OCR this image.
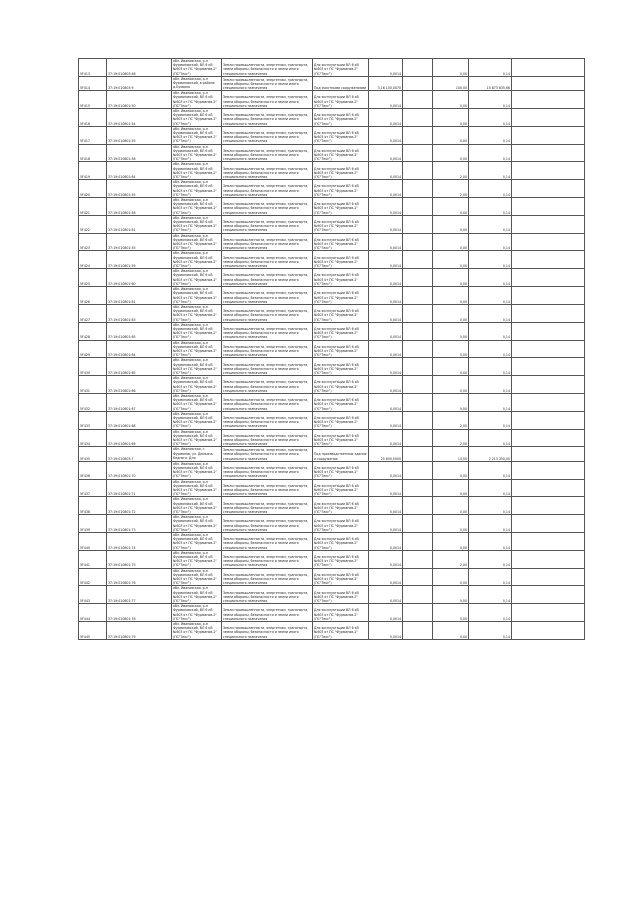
5F413	37:19:010803:48	обл. Ивановская, р-н Фурмановский, ВЛ 6 кВ №603 от ПС "Фурманов-2" (ПС"Текс")	Земли промышленности, энергетики, транспорта, земли обороны, безопасности и земли иного специального назначения	Для эксплуатации ВЛ 6 кВ №603 от ПС "Фурманов-2" (ПС"Текс")	0,0014		0,00	0,14	
5F414	37:19:010803:9	обл. Ивановская, р-н Фурмановский, в районе д.Бухвало	Земли промышленности, энергетики, транспорта, земли обороны, безопасности и земли иного специального назначения	Под очистными сооружениями	3,16 100,0070		100,00	15 873 835,66	
5F415	37:19:010801:50	обл. Ивановская, р-н Фурмановский, ВЛ 6 кВ №603 от ПС "Фурманов-2" (ПС"Текс")	Земли промышленности, энергетики, транспорта, земли обороны, безопасности и земли иного специального назначения	Для эксплуатации ВЛ 6 кВ №603 от ПС "Фурманов-2" (ПС"Текс")	0,0014		0,00	0,14	
5F416	37:19:010801:54	обл. Ивановская, р-н Фурмановский, ВЛ 6 кВ №603 от ПС "Фурманов-2" (ПС"Текс")	Земли промышленности, энергетики, транспорта, земли обороны, безопасности и земли иного специального назначения	Для эксплуатации ВЛ 6 кВ №603 от ПС "Фурманов-2" (ПС"Текс")	0,0014		0,00	0,14	
5F417	37:19:010801:55	обл. Ивановская, р-н Фурмановский, ВЛ 6 кВ №603 от ПС "Фурманов-2" (ПС"Текс")	Земли промышленности, энергетики, транспорта, земли обороны, безопасности и земли иного специального назначения	Для эксплуатации ВЛ 6 кВ №603 от ПС "Фурманов-2" (ПС"Текс")	0,0014		0,00	0,14	
5F418	37:19:010801:58	обл. Ивановская, р-н Фурмановский, ВЛ 6 кВ №603 от ПС "Фурманов-2" (ПС"Текс")	Земли промышленности, энергетики, транспорта, земли обороны, безопасности и земли иного специального назначения	Для эксплуатации ВЛ 6 кВ №603 от ПС "Фурманов-2" (ПС"Текс")	0,0014		0,00	0,14	
5F419	37:19:010801:64	обл. Ивановская, р-н Фурмановский, ВЛ 6 кВ №603 от ПС "Фурманов-2" (ПС"Текс")	Земли промышленности, энергетики, транспорта, земли обороны, безопасности и земли иного специального назначения	Для эксплуатации ВЛ 6 кВ №603 от ПС "Фурманов-2" (ПС"Текс")	0,0014		2,00	0,14	
5F420	37:19:010801:55	обл. Ивановская, р-н Фурмановский, ВЛ 6 кВ №603 от ПС "Фурманов-2" (ПС"Текс")	Земли промышленности, энергетики, транспорта, земли обороны, безопасности и земли иного специального назначения	Для эксплуатации ВЛ 6 кВ №603 от ПС "Фурманов-2" (ПС"Текс")	0,0014		2,00	0,14	
5F421	37:19:010801:58	обл. Ивановская, р-н Фурмановский, ВЛ 6 кВ №603 от ПС "Фурманов-2" (ПС"Текс")	Земли промышленности, энергетики, транспорта, земли обороны, безопасности и земли иного специального назначения	Для эксплуатации ВЛ 6 кВ №603 от ПС "Фурманов-2" (ПС"Текс")	0,0014		0,00	0,14	
5F422	37:19:010801:61	обл. Ивановская, р-н Фурмановский, ВЛ 6 кВ №603 от ПС "Фурманов-2" (ПС"Текс")	Земли промышленности, энергетики, транспорта, земли обороны, безопасности и земли иного специального назначения	Для эксплуатации ВЛ 6 кВ №603 от ПС "Фурманов-2" (ПС"Текс")	0,0014		0,00	0,14	
5F423	37:19:010801:55	обл. Ивановская, р-н Фурмановский, ВЛ 6 кВ №603 от ПС "Фурманов-2" (ПС"Текс")	Земли промышленности, энергетики, транспорта, земли обороны, безопасности и земли иного специального назначения	Для эксплуатации ВЛ 6 кВ №603 от ПС "Фурманов-2" (ПС"Текс")	0,0014		0,00	0,14	
5F424	37:19:010801:59	обл. Ивановская, р-н Фурмановский, ВЛ 6 кВ №603 от ПС "Фурманов-2" (ПС"Текс")	Земли промышленности, энергетики, транспорта, земли обороны, безопасности и земли иного специального назначения	Для эксплуатации ВЛ 6 кВ №603 от ПС "Фурманов-2" (ПС"Текс")	0,0014		0,00	0,14	
5F425	37:19:010801:60	обл. Ивановская, р-н Фурмановский, ВЛ 6 кВ №603 от ПС "Фурманов-2" (ПС"Текс")	Земли промышленности, энергетики, транспорта, земли обороны, безопасности и земли иного специального назначения	Для эксплуатации ВЛ 6 кВ №603 от ПС "Фурманов-2" (ПС"Текс")	0,0014		0,00	0,14	
5F426	37:19:010801:61	обл. Ивановская, р-н Фурмановский, ВЛ 6 кВ №603 от ПС "Фурманов-2" (ПС"Текс")	Земли промышленности, энергетики, транспорта, земли обороны, безопасности и земли иного специального назначения	Для эксплуатации ВЛ 6 кВ №603 от ПС "Фурманов-2" (ПС"Текс")	0,0014		0,00	0,14	
5F427	37:19:010801:63	обл. Ивановская, р-н Фурмановский, ВЛ 6 кВ №603 от ПС "Фурманов-2" (ПС"Текс")	Земли промышленности, энергетики, транспорта, земли обороны, безопасности и земли иного специального назначения	Для эксплуатации ВЛ 6 кВ №603 от ПС "Фурманов-2" (ПС"Текс")	0,0014		0,00	0,14	
5F428	37:19:010801:65	обл. Ивановская, р-н Фурмановский, ВЛ 6 кВ №603 от ПС "Фурманов-2" (ПС"Текс")	Земли промышленности, энергетики, транспорта, земли обороны, безопасности и земли иного специального назначения	Для эксплуатации ВЛ 6 кВ №603 от ПС "Фурманов-2" (ПС"Текс")	0,0014		0,00	0,14	
5F429	37:19:010801:64	обл. Ивановская, р-н Фурмановский, ВЛ 6 кВ №603 от ПС "Фурманов-2" (ПС"Текс")	Земли промышленности, энергетики, транспорта, земли обороны, безопасности и земли иного специального назначения	Для эксплуатации ВЛ 6 кВ №603 от ПС "Фурманов-2" (ПС"Текс")	0,0014		0,00	0,14	
5F430	37:19:010801:65	обл. Ивановская, р-н Фурмановский, ВЛ 6 кВ №603 от ПС "Фурманов-2" (ПС"Текс")	Земли промышленности, энергетики, транспорта, земли обороны, безопасности и земли иного специального назначения	Для эксплуатации ВЛ 6 кВ №603 от ПС "Фурманов-2" (ПС"Текс")	0,0014		0,00	0,14	
5F431	37:19:010801:66	обл. Ивановская, р-н Фурмановский, ВЛ 6 кВ №603 от ПС "Фурманов-2" (ПС"Текс")	Земли промышленности, энергетики, транспорта, земли обороны, безопасности и земли иного специального назначения	Для эксплуатации ВЛ 6 кВ №603 от ПС "Фурманов-2" (ПС"Текс")	0,0014		0,00	0,14	
5F432	37:19:010801:67	обл. Ивановская, р-н Фурмановский, ВЛ 6 кВ №603 от ПС "Фурманов-2" (ПС"Текс")	Земли промышленности, энергетики, транспорта, земли обороны, безопасности и земли иного специального назначения	Для эксплуатации ВЛ 6 кВ №603 от ПС "Фурманов-2" (ПС"Текс")	0,0014		0,00	0,14	
5F433	37:19:010801:68	обл. Ивановская, р-н Фурмановский, ВЛ 6 кВ №603 от ПС "Фурманов-2" (ПС"Текс")	Земли промышленности, энергетики, транспорта, земли обороны, безопасности и земли иного специального назначения	Для эксплуатации ВЛ 6 кВ №603 от ПС "Фурманов-2" (ПС"Текс")	0,0014		2,00	0,14	
5F434	37:19:010801:69	обл. Ивановская, р-н Фурмановский, ВЛ 6 кВ №603 от ПС "Фурманов-2" (ПС"Текс")	Земли промышленности, энергетики, транспорта, земли обороны, безопасности и земли иного специального назначения	Для эксплуатации ВЛ 6 кВ №603 от ПС "Фурманов-2" (ПС"Текс")	0,0014		2,00	0,14	
5F435	37:19:010803:7	обл. Ивановская, г. Фурманов, ул. Демьяна Бедного. Для	Земли промышленности, энергетики, транспорта, земли обороны, безопасности и земли иного специального назначения	Под производственные здания и сооружения	25 600,0000		14,00	2 213 350,00	
5F436	37:19:010801:70	обл. Ивановская, р-н Фурмановский, ВЛ 6 кВ №603 от ПС "Фурманов-2" (ПС"Текс")	Земли промышленности, энергетики, транспорта, земли обороны, безопасности и земли иного специального назначения	Для эксплуатации ВЛ 6 кВ №603 от ПС "Фурманов-2" (ПС"Текс")	0,0014		0,00	0,14	
5F437	37:19:010801:71	обл. Ивановская, р-н Фурмановский, ВЛ 6 кВ №603 от ПС "Фурманов-2" (ПС"Текс")	Земли промышленности, энергетики, транспорта, земли обороны, безопасности и земли иного специального назначения	Для эксплуатации ВЛ 6 кВ №603 от ПС "Фурманов-2" (ПС"Текс")	0,0014		0,00	0,14	
5F438	37:19:010801:72	обл. Ивановская, р-н Фурмановский, ВЛ 6 кВ №603 от ПС "Фурманов-2" (ПС"Текс")	Земли промышленности, энергетики, транспорта, земли обороны, безопасности и земли иного специального назначения	Для эксплуатации ВЛ 6 кВ №603 от ПС "Фурманов-2" (ПС"Текс")	0,0014		0,00	0,14	
5F439	37:19:010801:73	обл. Ивановская, р-н Фурмановский, ВЛ 6 кВ №603 от ПС "Фурманов-2" (ПС"Текс")	Земли промышленности, энергетики, транспорта, земли обороны, безопасности и земли иного специального назначения	Для эксплуатации ВЛ 6 кВ №603 от ПС "Фурманов-2" (ПС"Текс")	0,0014		0,00	0,14	
5F440	37:19:010801:74	обл. Ивановская, р-н Фурмановский, ВЛ 6 кВ №603 от ПС "Фурманов-2" (ПС"Текс")	Земли промышленности, энергетики, транспорта, земли обороны, безопасности и земли иного специального назначения	Для эксплуатации ВЛ 6 кВ №603 от ПС "Фурманов-2" (ПС"Текс")	0,0014		0,00	0,14	
5F441	37:19:010801:75	обл. Ивановская, р-н Фурмановский, ВЛ 6 кВ №603 от ПС "Фурманов-2" (ПС"Текс")	Земли промышленности, энергетики, транспорта, земли обороны, безопасности и земли иного специального назначения	Для эксплуатации ВЛ 6 кВ №603 от ПС "Фурманов-2" (ПС"Текс")	0,0014		2,00	0,14	
5F442	37:19:010801:76	обл. Ивановская, р-н Фурмановский, ВЛ 6 кВ №603 от ПС "Фурманов-2" (ПС"Текс")	Земли промышленности, энергетики, транспорта, земли обороны, безопасности и земли иного специального назначения	Для эксплуатации ВЛ 6 кВ №603 от ПС "Фурманов-2" (ПС"Текс")	0,0014		0,00	0,14	
5F443	37:19:010801:77	обл. Ивановская, р-н Фурмановский, ВЛ 6 кВ №603 от ПС "Фурманов-2" (ПС"Текс")	Земли промышленности, энергетики, транспорта, земли обороны, безопасности и земли иного специального назначения	Для эксплуатации ВЛ 6 кВ №603 от ПС "Фурманов-2" (ПС"Текс")	0,0014		0,00	0,14	
5F444	37:19:010801:78	обл. Ивановская, р-н Фурмановский, ВЛ 6 кВ №603 от ПС "Фурманов-2" (ПС"Текс")	Земли промышленности, энергетики, транспорта, земли обороны, безопасности и земли иного специального назначения	Для эксплуатации ВЛ 6 кВ №603 от ПС "Фурманов-2" (ПС"Текс")	0,0014		0,00	0,14	
5F445	37:19:010801:79	обл. Ивановская, р-н Фурмановский, ВЛ 6 кВ №603 от ПС "Фурманов-2" (ПС"Текс")	Земли промышленности, энергетики, транспорта, земли обороны, безопасности и земли иного специального назначения	Для эксплуатации ВЛ 6 кВ №603 от ПС "Фурманов-2" (ПС"Текс")	0,0014		0,00	0,14	
